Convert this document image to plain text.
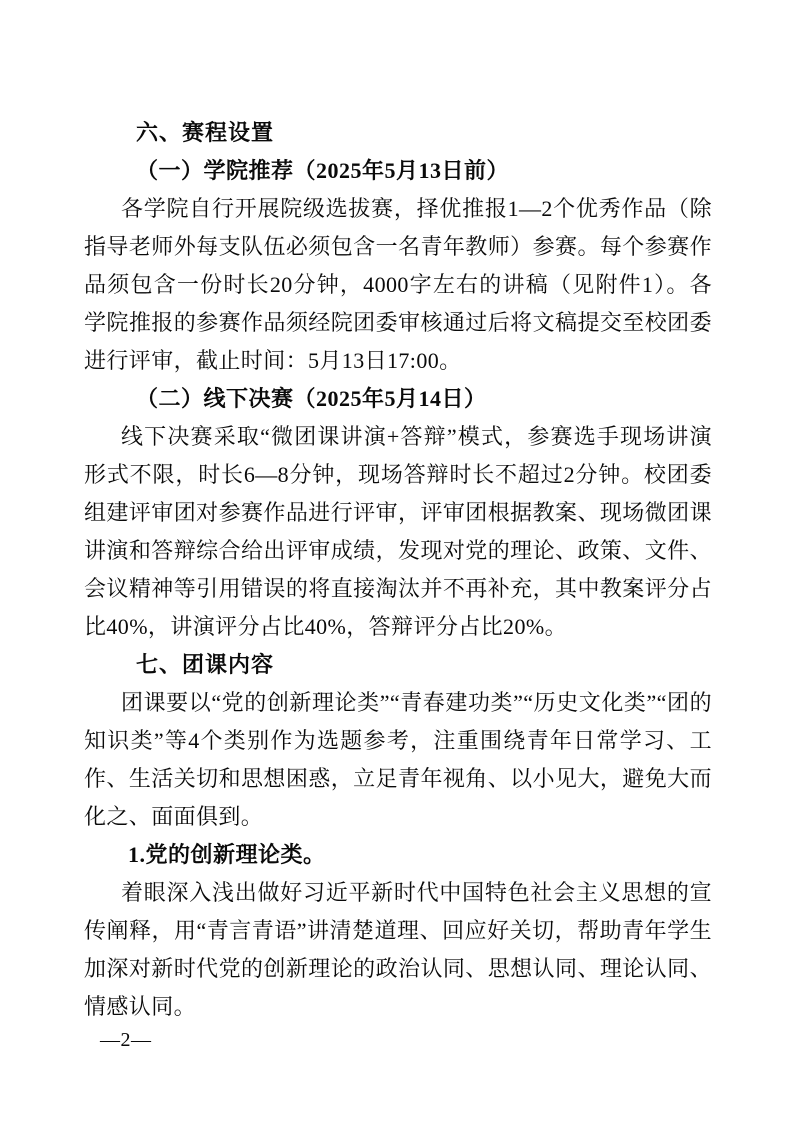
六、赛程设置
（一）学院推荐（2025年5月13日前）

各学院自行开展院级选拔赛，择优推报1—2个优秀作品（除指导老师外每支队伍必须包含一名青年教师）参赛。每个参赛作品须包含一份时长20分钟，4000字左右的讲稿（见附件1）。各学院推报的参赛作品须经院团委审核通过后将文稿提交至校团委进行评审，截止时间：5月13日17:00。

（二）线下决赛（2025年5月14日）

线下决赛采取“微团课讲演+答辩”模式，参赛选手现场讲演形式不限，时长6—8分钟，现场答辩时长不超过2分钟。校团委组建评审团对参赛作品进行评审，评审团根据教案、现场微团课讲演和答辩综合给出评审成绩，发现对党的理论、政策、文件、会议精神等引用错误的将直接淘汰并不再补充，其中教案评分占比40%，讲演评分占比40%，答辩评分占比20%。

七、团课内容

团课要以“党的创新理论类”“青春建功类”“历史文化类”“团的知识类”等4个类别作为选题参考，注重围绕青年日常学习、工作、生活关切和思想困惑，立足青年视角、以小见大，避免大而化之、面面俱到。

1.党的创新理论类。

着眼深入浅出做好习近平新时代中国特色社会主义思想的宣传阐释，用“青言青语”讲清楚道理、回应好关切，帮助青年学生加深对新时代党的创新理论的政治认同、思想认同、理论认同、情感认同。

—2—
